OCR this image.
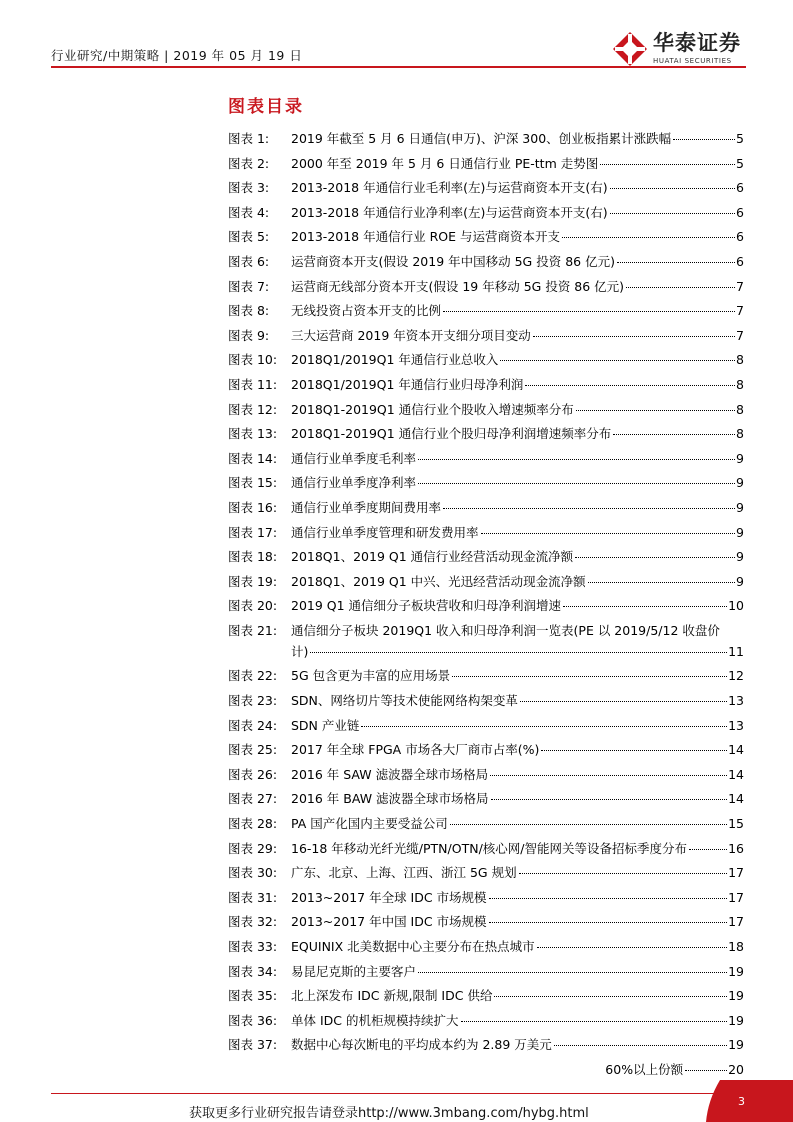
行业研究/中期策略 | 2019 年 05 月 19 日
华泰证券
HUATAI SECURITIES
图表目录
图表 1:	2019 年截至 5 月 6 日通信(申万)、沪深 300、创业板指累计涨跌幅	5
图表 2:	2000 年至 2019 年 5 月 6 日通信行业 PE-ttm 走势图	5
图表 3:	2013-2018 年通信行业毛利率(左)与运营商资本开支(右)	6
图表 4:	2013-2018 年通信行业净利率(左)与运营商资本开支(右)	6
图表 5:	2013-2018 年通信行业 ROE 与运营商资本开支	6
图表 6:	运营商资本开支(假设 2019 年中国移动 5G 投资 86 亿元)	6
图表 7:	运营商无线部分资本开支(假设 19 年移动 5G 投资 86 亿元)	7
图表 8:	无线投资占资本开支的比例	7
图表 9:	三大运营商 2019 年资本开支细分项目变动	7
图表 10:	2018Q1/2019Q1 年通信行业总收入	8
图表 11:	2018Q1/2019Q1 年通信行业归母净利润	8
图表 12:	2018Q1-2019Q1 通信行业个股收入增速频率分布	8
图表 13:	2018Q1-2019Q1 通信行业个股归母净利润增速频率分布	8
图表 14:	通信行业单季度毛利率	9
图表 15:	通信行业单季度净利率	9
图表 16:	通信行业单季度期间费用率	9
图表 17:	通信行业单季度管理和研发费用率	9
图表 18:	2018Q1、2019 Q1 通信行业经营活动现金流净额	9
图表 19:	2018Q1、2019 Q1 中兴、光迅经营活动现金流净额	9
图表 20:	2019 Q1 通信细分子板块营收和归母净利润增速	10
图表 21:	通信细分子板块 2019Q1 收入和归母净利润一览表(PE 以 2019/5/12 收盘价
计)	11
图表 22:	5G 包含更为丰富的应用场景	12
图表 23:	SDN、网络切片等技术使能网络构架变革	13
图表 24:	SDN 产业链	13
图表 25:	2017 年全球 FPGA 市场各大厂商市占率(%)	14
图表 26:	2016 年 SAW 滤波器全球市场格局	14
图表 27:	2016 年 BAW 滤波器全球市场格局	14
图表 28:	PA 国产化国内主要受益公司	15
图表 29:	16-18 年移动光纤光缆/PTN/OTN/核心网/智能网关等设备招标季度分布	16
图表 30:	广东、北京、上海、江西、浙江 5G 规划	17
图表 31:	2013~2017 年全球 IDC 市场规模	17
图表 32:	2013~2017 年中国 IDC 市场规模	17
图表 33:	EQUINIX 北美数据中心主要分布在热点城市	18
图表 34:	易昆尼克斯的主要客户	19
图表 35:	北上深发布 IDC 新规,限制 IDC 供给	19
图表 36:	单体 IDC 的机柜规模持续扩大	19
图表 37:	数据中心每次断电的平均成本约为 2.89 万美元	19
60%以上份额	20
获取更多行业研究报告请登录http://www.3mbang.com/hybg.html
3
